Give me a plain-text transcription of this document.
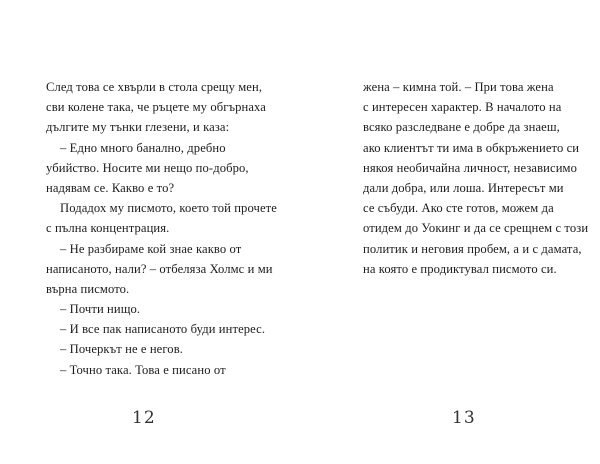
След това се хвърли в стола срещу мен,
сви колене така, че ръцете му обгърнаха
дългите му тънки глезени, и каза:
– Едно много банално, дребно
убийство. Носите ми нещо по-добро,
надявам се. Какво е то?
Подадох му писмото, което той прочете
с пълна концентрация.
– Не разбираме кой знае какво от
написаното, нали? – отбеляза Холмс и ми
върна писмото.
– Почти нищо.
– И все пак написаното буди интерес.
– Почеркът не е негов.
– Точно така. Това е писано от
12
жена – кимна той. – При това жена
с интересен характер. В началото на
всяко разследване е добре да знаеш,
ако клиентът ти има в обкръжението си
някоя необичайна личност, независимо
дали добра, или лоша. Интересът ми
се събуди. Ако сте готов, можем да
отидем до Уокинг и да се срещнем с този
политик и неговия пробем, а и с дамата,
на която е продиктувал писмото си.
13
